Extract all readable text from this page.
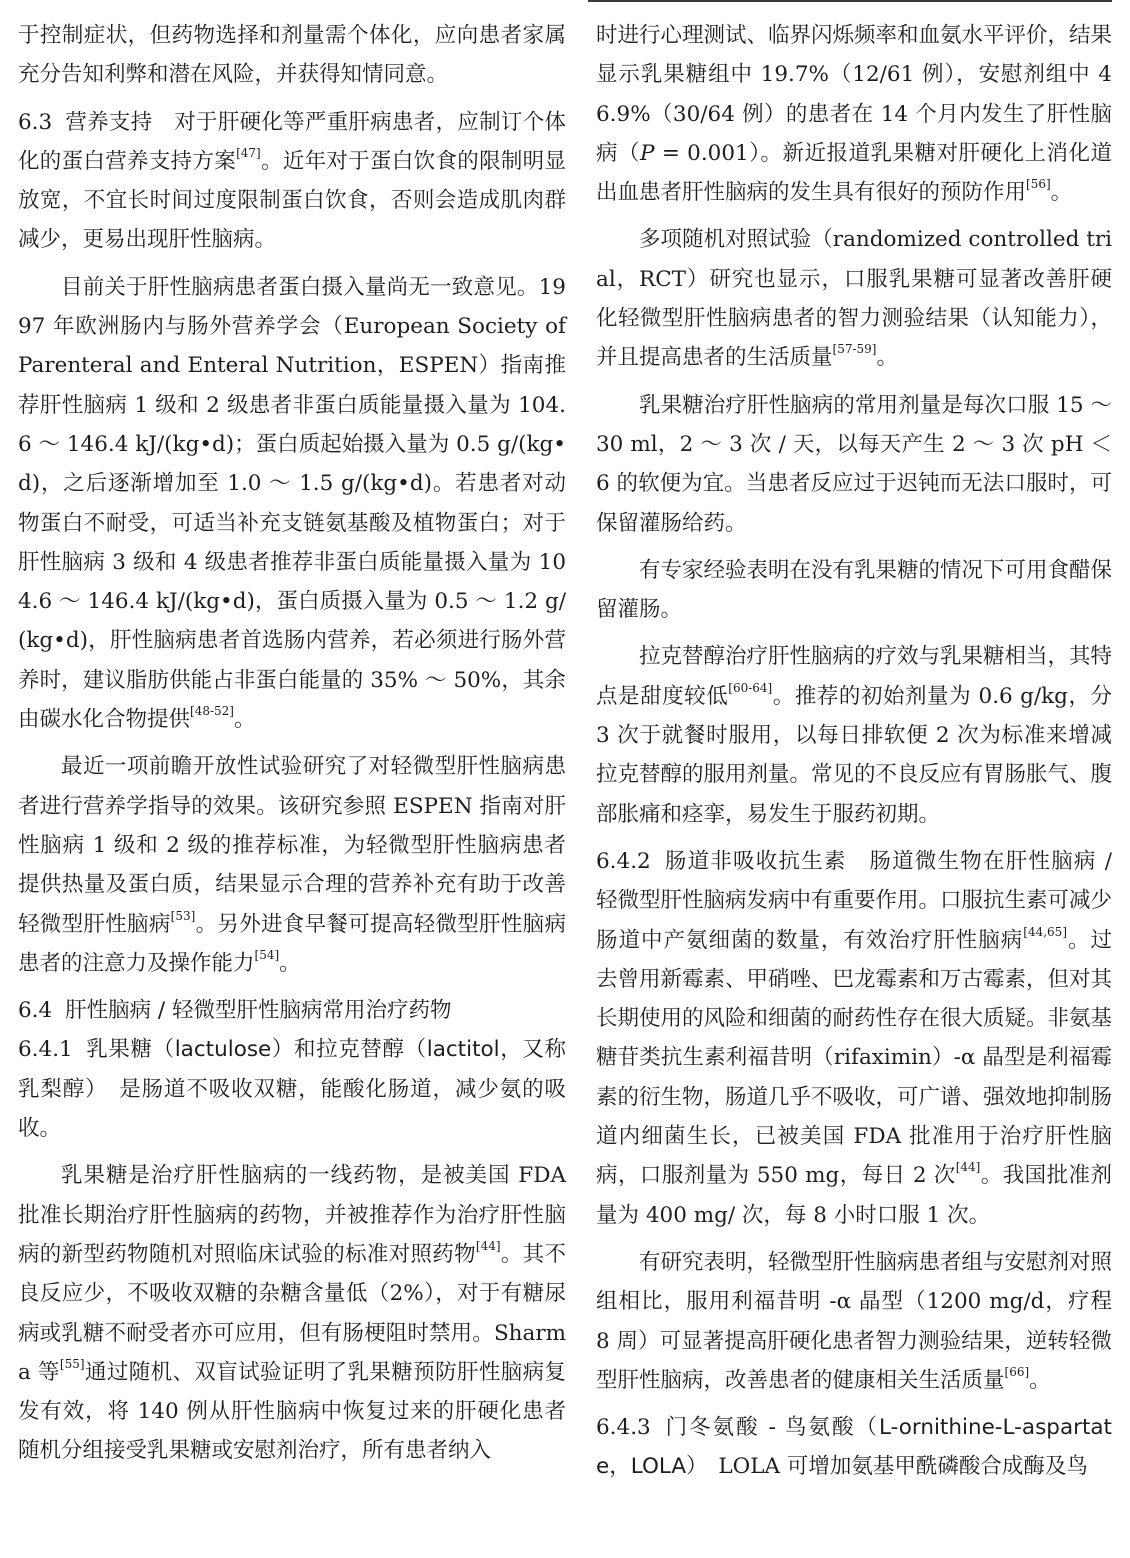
于控制症状，但药物选择和剂量需个体化，应向患者家属充分告知利弊和潜在风险，并获得知情同意。

6.3 营养支持　 对于肝硬化等严重肝病患者，应制订个体化的蛋白营养支持方案[47]。近年对于蛋白饮食的限制明显放宽，不宜长时间过度限制蛋白饮食，否则会造成肌肉群减少，更易出现肝性脑病。

目前关于肝性脑病患者蛋白摄入量尚无一致意见。1997 年欧洲肠内与肠外营养学会（European Society of Parenteral and Enteral Nutrition，ESPEN）指南推荐肝性脑病 1 级和 2 级患者非蛋白质能量摄入量为 104.6 ～ 146.4 kJ/(kg•d)；蛋白质起始摄入量为 0.5 g/(kg•d)，之后逐渐增加至 1.0 ～ 1.5 g/(kg•d)。若患者对动物蛋白不耐受，可适当补充支链氨基酸及植物蛋白；对于肝性脑病 3 级和 4 级患者推荐非蛋白质能量摄入量为 104.6 ～ 146.4 kJ/(kg•d)，蛋白质摄入量为 0.5 ～ 1.2 g/(kg•d)，肝性脑病患者首选肠内营养，若必须进行肠外营养时，建议脂肪供能占非蛋白能量的 35% ～ 50%，其余由碳水化合物提供[48-52]。

最近一项前瞻开放性试验研究了对轻微型肝性脑病患者进行营养学指导的效果。该研究参照 ESPEN 指南对肝性脑病 1 级和 2 级的推荐标准，为轻微型肝性脑病患者提供热量及蛋白质，结果显示合理的营养补充有助于改善轻微型肝性脑病[53]。另外进食早餐可提高轻微型肝性脑病患者的注意力及操作能力[54]。

6.4 肝性脑病 / 轻微型肝性脑病常用治疗药物

6.4.1 乳果糖（lactulose）和拉克替醇（lactitol，又称乳梨醇）　 是肠道不吸收双糖，能酸化肠道，减少氨的吸收。

乳果糖是治疗肝性脑病的一线药物，是被美国 FDA 批准长期治疗肝性脑病的药物，并被推荐作为治疗肝性脑病的新型药物随机对照临床试验的标准对照药物[44]。其不良反应少，不吸收双糖的杂糖含量低（2%），对于有糖尿病或乳糖不耐受者亦可应用，但有肠梗阻时禁用。Sharma 等[55]通过随机、双盲试验证明了乳果糖预防肝性脑病复发有效，将 140 例从肝性脑病中恢复过来的肝硬化患者随机分组接受乳果糖或安慰剂治疗，所有患者纳入

时进行心理测试、临界闪烁频率和血氨水平评价，结果显示乳果糖组中 19.7%（12/61 例），安慰剂组中 46.9%（30/64 例）的患者在 14 个月内发生了肝性脑病（P = 0.001）。新近报道乳果糖对肝硬化上消化道出血患者肝性脑病的发生具有很好的预防作用[56]。

多项随机对照试验（randomized controlled trial，RCT）研究也显示，口服乳果糖可显著改善肝硬化轻微型肝性脑病患者的智力测验结果（认知能力），并且提高患者的生活质量[57-59]。

乳果糖治疗肝性脑病的常用剂量是每次口服 15 ～ 30 ml，2 ～ 3 次 / 天，以每天产生 2 ～ 3 次 pH ＜ 6 的软便为宜。当患者反应过于迟钝而无法口服时，可保留灌肠给药。

有专家经验表明在没有乳果糖的情况下可用食醋保留灌肠。

拉克替醇治疗肝性脑病的疗效与乳果糖相当，其特点是甜度较低[60-64]。推荐的初始剂量为 0.6 g/kg，分 3 次于就餐时服用，以每日排软便 2 次为标准来增减拉克替醇的服用剂量。常见的不良反应有胃肠胀气、腹部胀痛和痉挛，易发生于服药初期。

6.4.2 肠道非吸收抗生素　 肠道微生物在肝性脑病 / 轻微型肝性脑病发病中有重要作用。口服抗生素可减少肠道中产氨细菌的数量，有效治疗肝性脑病[44,65]。过去曾用新霉素、甲硝唑、巴龙霉素和万古霉素，但对其长期使用的风险和细菌的耐药性存在很大质疑。非氨基糖苷类抗生素利福昔明（rifaximin）-α 晶型是利福霉素的衍生物，肠道几乎不吸收，可广谱、强效地抑制肠道内细菌生长，已被美国 FDA 批准用于治疗肝性脑病，口服剂量为 550 mg，每日 2 次[44]。我国批准剂量为 400 mg/ 次，每 8 小时口服 1 次。

有研究表明，轻微型肝性脑病患者组与安慰剂对照组相比，服用利福昔明 -α 晶型（1200 mg/d，疗程 8 周）可显著提高肝硬化患者智力测验结果，逆转轻微型肝性脑病，改善患者的健康相关生活质量[66]。

6.4.3 门冬氨酸 - 鸟氨酸（L-ornithine-L-aspartate，LOLA）　 LOLA 可增加氨基甲酰磷酸合成酶及鸟
